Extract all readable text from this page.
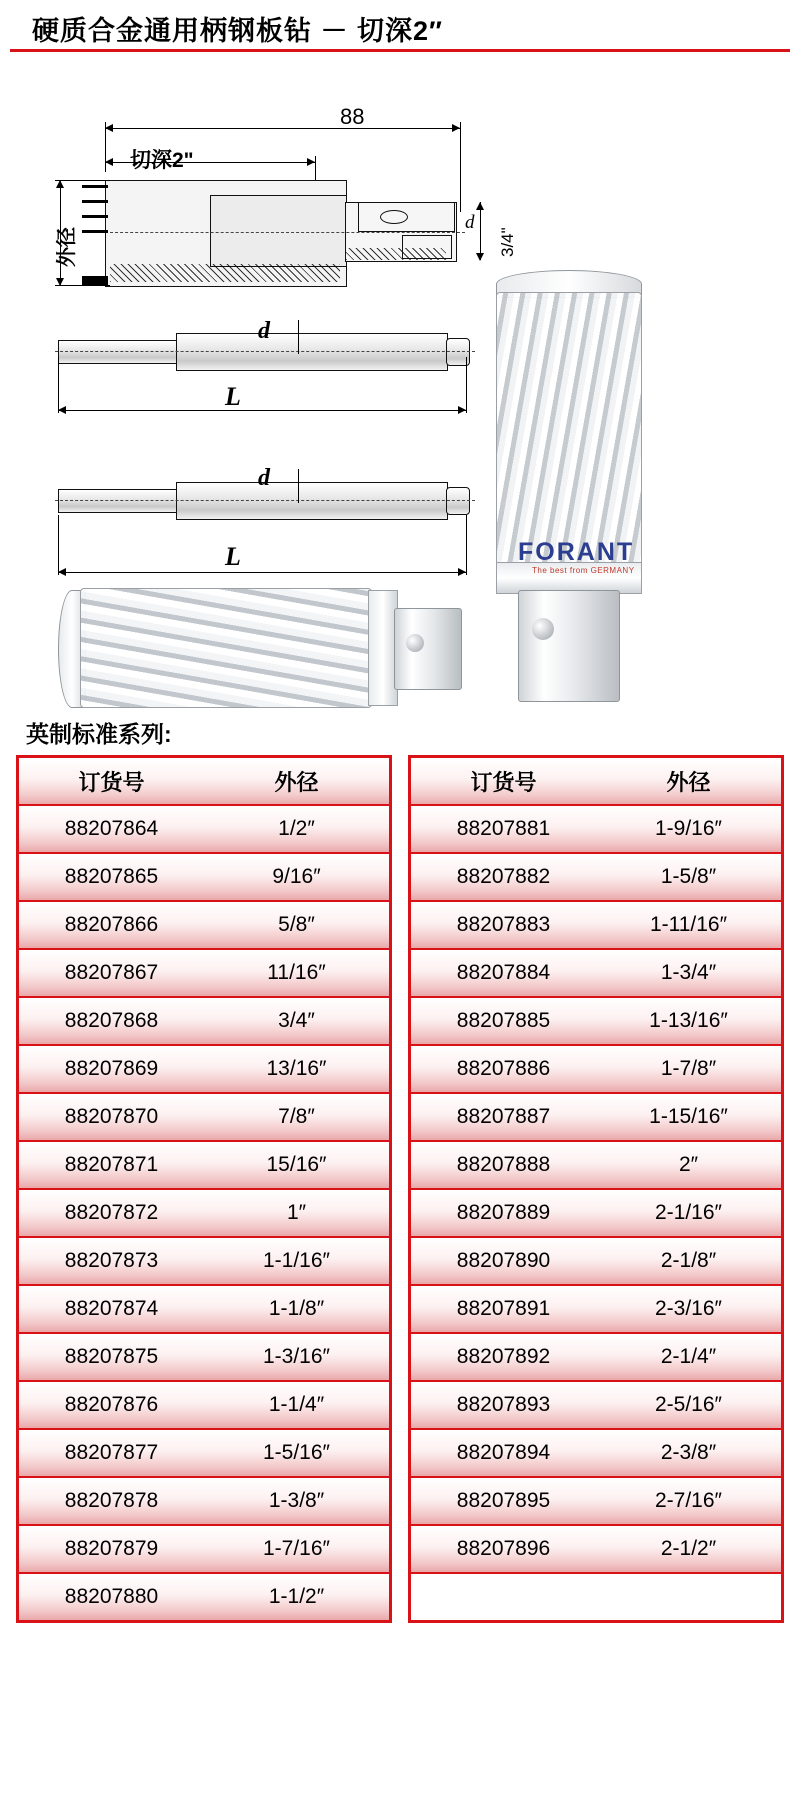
硬质合金通用柄钢板钻 － 切深2″
88
切深2"
外径
d
3/4"
d
L
d
L	FORANT
The best from GERMANY
英制标准系列:
订货号	外径
88207864	1/2″
88207865	9/16″
88207866	5/8″
88207867	11/16″
88207868	3/4″
88207869	13/16″
88207870	7/8″
88207871	15/16″
88207872	1″
88207873	1-1/16″
88207874	1-1/8″
88207875	1-3/16″
88207876	1-1/4″
88207877	1-5/16″
88207878	1-3/8″
88207879	1-7/16″
88207880	1-1/2″
订货号	外径
88207881	1-9/16″
88207882	1-5/8″
88207883	1-11/16″
88207884	1-3/4″
88207885	1-13/16″
88207886	1-7/8″
88207887	1-15/16″
88207888	2″
88207889	2-1/16″
88207890	2-1/8″
88207891	2-3/16″
88207892	2-1/4″
88207893	2-5/16″
88207894	2-3/8″
88207895	2-7/16″
88207896	2-1/2″
